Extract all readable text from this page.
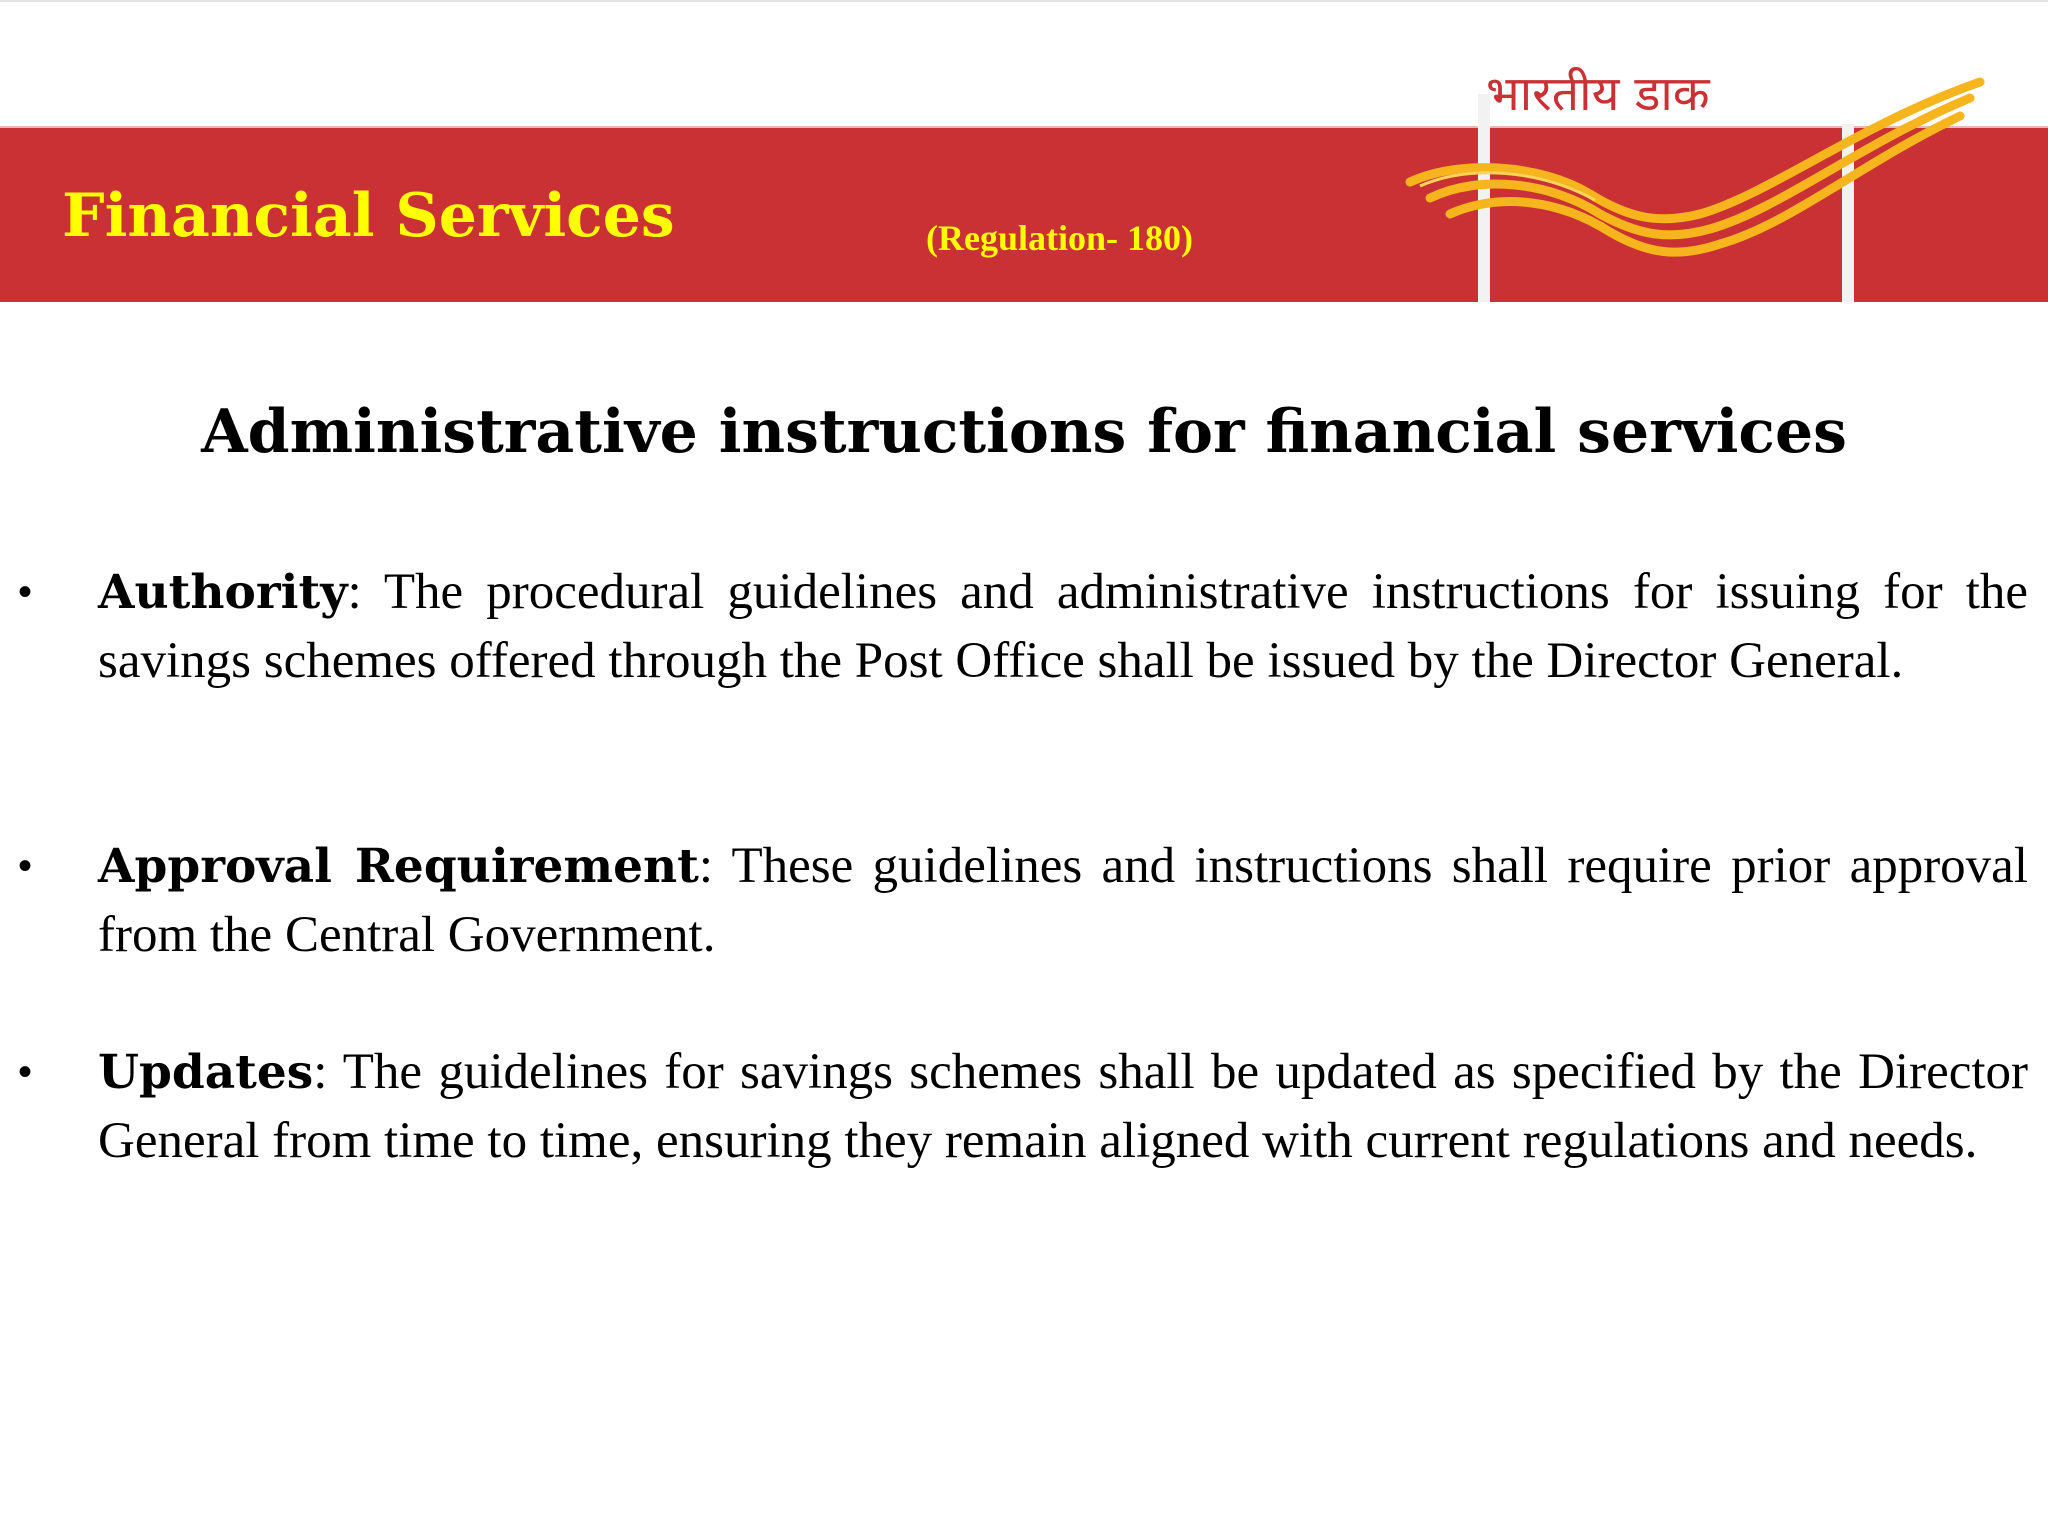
Financial Services	(Regulation- 180)
भारतीय डाक
Administrative instructions for financial services
• Authority: The procedural guidelines and administrative instructions for issuing for the savings schemes offered through the Post Office shall be issued by the Director General.
• Approval Requirement: These guidelines and instructions shall require prior approval from the Central Government.
• Updates: The guidelines for savings schemes shall be updated as specified by the Director General from time to time, ensuring they remain aligned with current regulations and needs.
